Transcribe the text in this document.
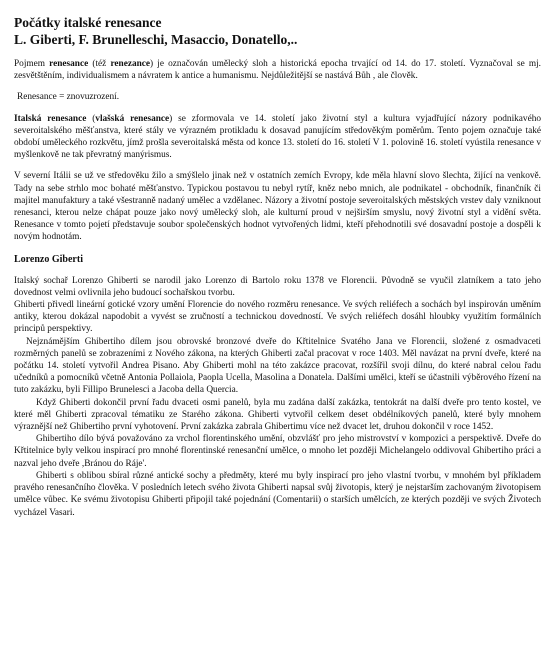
Počátky italské renesance
L. Giberti, F. Brunelleschi, Masaccio, Donatello,..

Pojmem renesance (též renezance) je označován umělecký sloh a historická epocha trvající od 14. do 17. století. Vyznačoval se mj. zesvětštěním, individualismem a návratem k antice a humanismu. Nejdůležitější se nastává Bůh , ale člověk.

Renesance = znovuzrození.

Italská renesance (vlašská renesance) se zformovala ve 14. století jako životní styl a kultura vyjadřující názory podnikavého severoitalského měšťanstva, které stály ve výrazném protikladu k dosavad panujícím středověkým poměrům. Tento pojem označuje také období uměleckého rozkvětu, jímž prošla severoitalská města od konce 13. století do 16. století V 1. polovině 16. století vyústila renesance v myšlenkově ne tak převratný manýrismus.

V severní Itálii se už ve středověku žilo a smýšlelo jinak než v ostatních zemích Evropy, kde měla hlavní slovo šlechta, žijící na venkově. Tady na sebe strhlo moc bohaté měšťanstvo. Typickou postavou tu nebyl rytíř, kněz nebo mnich, ale podnikatel - obchodník, finančník či majitel manufaktury a také všestranně nadaný umělec a vzdělanec. Názory a životní postoje severoitalských městských vrstev daly vzniknout renesanci, kterou nelze chápat pouze jako nový umělecký sloh, ale kulturní proud v nejširším smyslu, nový životní styl a vidění světa. Renesance v tomto pojetí představuje soubor společenských hodnot vytvořených lidmi, kteří přehodnotili své dosavadní postoje a dospěli k novým hodnotám.

Lorenzo Giberti

Italský sochař Lorenzo Ghiberti se narodil jako Lorenzo di Bartolo roku 1378 ve Florencii. Původně se vyučil zlatníkem a tato jeho dovednost velmi ovlivnila jeho budoucí sochařskou tvorbu.

Ghiberti přivedl lineární gotické vzory umění Florencie do nového rozměru renesance. Ve svých reliéfech a sochách byl inspirován uměním antiky, kterou dokázal napodobit a vyvést se zručností a technickou dovedností. Ve svých reliéfech dosáhl hloubky využitím formálních principů perspektivy.

Nejznámějším Ghibertiho dílem jsou obrovské bronzové dveře do Křtitelnice Svatého Jana ve Florencii, složené z osmadvaceti rozměrných panelů se zobrazeními z Nového zákona, na kterých Ghiberti začal pracovat v roce 1403. Měl navázat na první dveře, které na počátku 14. století vytvořil Andrea Pisano. Aby Ghiberti mohl na této zakázce pracovat, rozšířil svoji dílnu, do které nabral celou řadu učedníků a pomocníků včetně Antonia Pollaiola, Paopla Ucella, Masolina a Donatela. Dalšími umělci, kteří se účastnili výběrového řízení na tuto zakázku, byli Fillipo Brunelesci a Jacoba della Quercia.

Když Ghiberti dokončil první řadu dvaceti osmi panelů, byla mu zadána další zakázka, tentokrát na další dveře pro tento kostel, ve které měl Ghiberti zpracoval tématiku ze Starého zákona. Ghiberti vytvořil celkem deset obdélníkových panelů, které byly mnohem výraznější než Ghibertiho první vyhotovení. První zakázka zabrala Ghibertimu více než dvacet let, druhou dokončil v roce 1452.

Ghibertiho dílo bývá považováno za vrchol florentinského umění, obzvlášť pro jeho mistrovství v kompozici a perspektivě. Dveře do Křtitelnice byly velkou inspirací pro mnohé florentinské renesanční umělce, o mnoho let později Michelangelo oddivoval Ghibertiho práci a nazval jeho dveře ,Bránou do Ráje'.

Ghiberti s oblibou sbíral různé antické sochy a předměty, které mu byly inspirací pro jeho vlastní tvorbu, v mnohém byl příkladem pravého renesančního člověka. V posledních letech svého života Ghiberti napsal svůj životopis, který je nejstarším zachovaným životopisem umělce vůbec. Ke svému životopisu Ghiberti připojil také pojednání (Comentarii) o starších umělcích, ze kterých později ve svých Životech vycházel Vasari.
